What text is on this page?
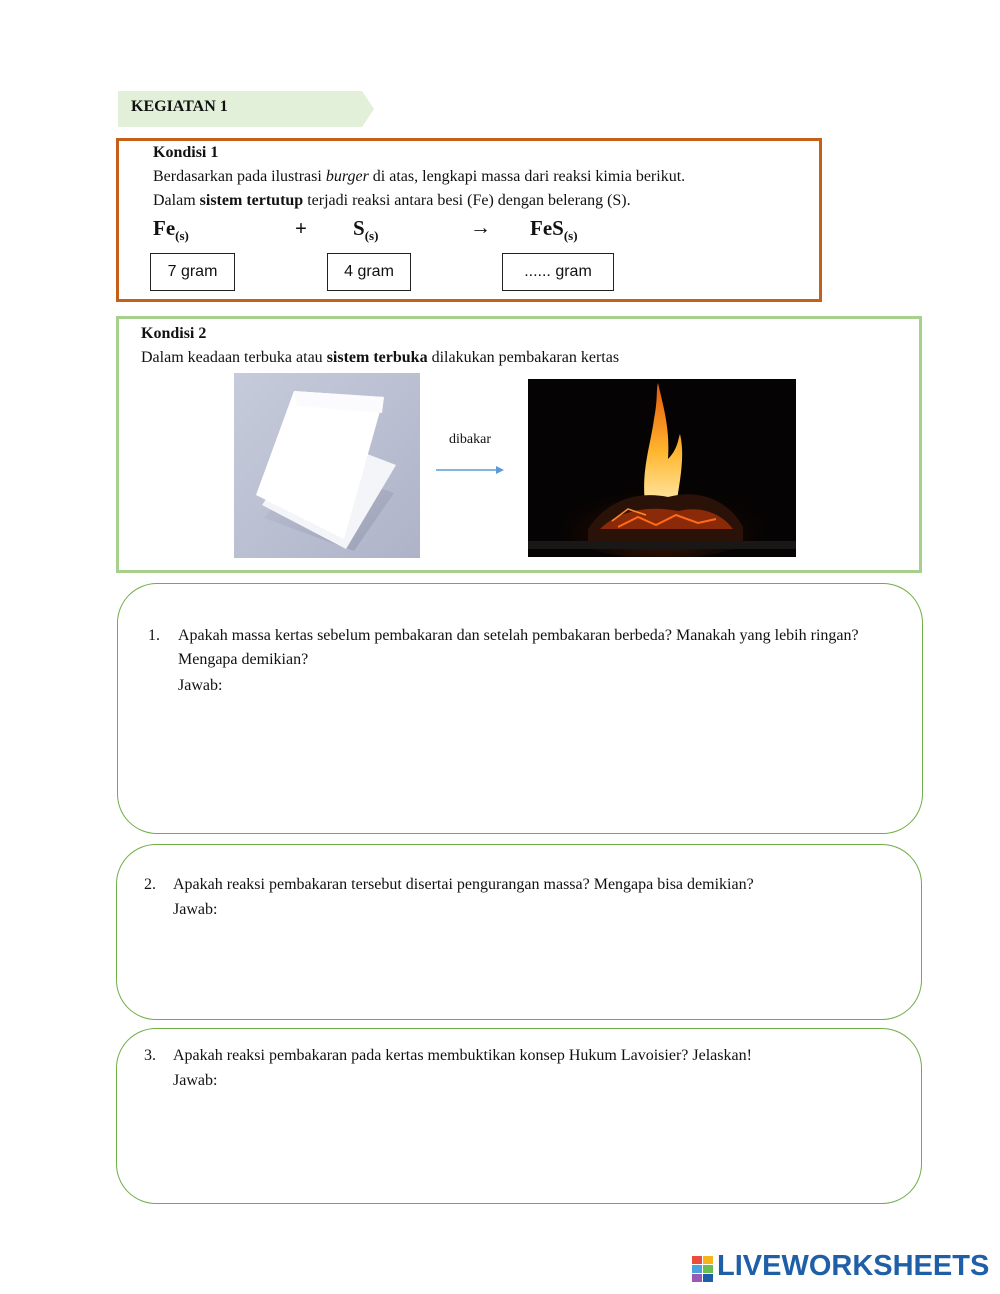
KEGIATAN 1
Kondisi 1
Berdasarkan pada ilustrasi burger di atas, lengkapi massa dari reaksi kimia berikut.
Dalam sistem tertutup terjadi reaksi antara besi (Fe) dengan belerang (S).
$Fe_{(s)}$	+ $S_{(s)}$	→ FeS$_{(s)}$
7 gram	4 gram	...... gram
Kondisi 2
Dalam keadaan terbuka atau sistem terbuka dilakukan pembakaran kertas
dibakar
1. Apakah massa kertas sebelum pembakaran dan setelah pembakaran berbeda? Manakah yang lebih ringan? Mengapa demikian?
Jawab:
2. Apakah reaksi pembakaran tersebut disertai pengurangan massa? Mengapa bisa demikian?
Jawab:
3. Apakah reaksi pembakaran pada kertas membuktikan konsep Hukum Lavoisier? Jelaskan!
Jawab:
LIVEWORKSHEETS
